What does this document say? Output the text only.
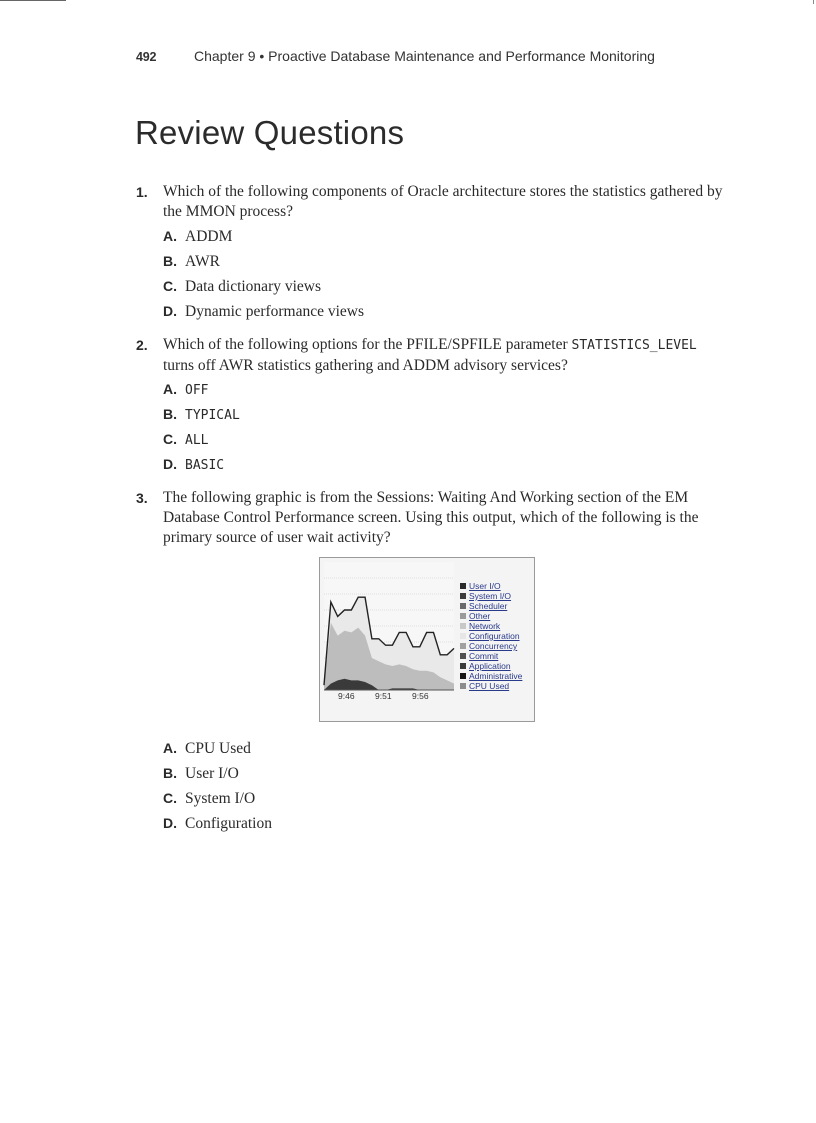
492	Chapter 9 • Proactive Database Maintenance and Performance Monitoring
Review Questions
1. Which of the following components of Oracle architecture stores the statistics gathered by the MMON process?
A. ADDM
B. AWR
C. Data dictionary views
D. Dynamic performance views
2. Which of the following options for the PFILE/SPFILE parameter STATISTICS_LEVEL turns off AWR statistics gathering and ADDM advisory services?
A. OFF
B. TYPICAL
C. ALL
D. BASIC
3. The following graphic is from the Sessions: Waiting And Working section of the EM Database Control Performance screen. Using this output, which of the following is the primary source of user wait activity?
User I/O
System I/O
Scheduler
Other
Network
Configuration
Concurrency
Commit
Application
Administrative
CPU Used
9:46 9:51 9:56
A. CPU Used
B. User I/O
C. System I/O
D. Configuration
